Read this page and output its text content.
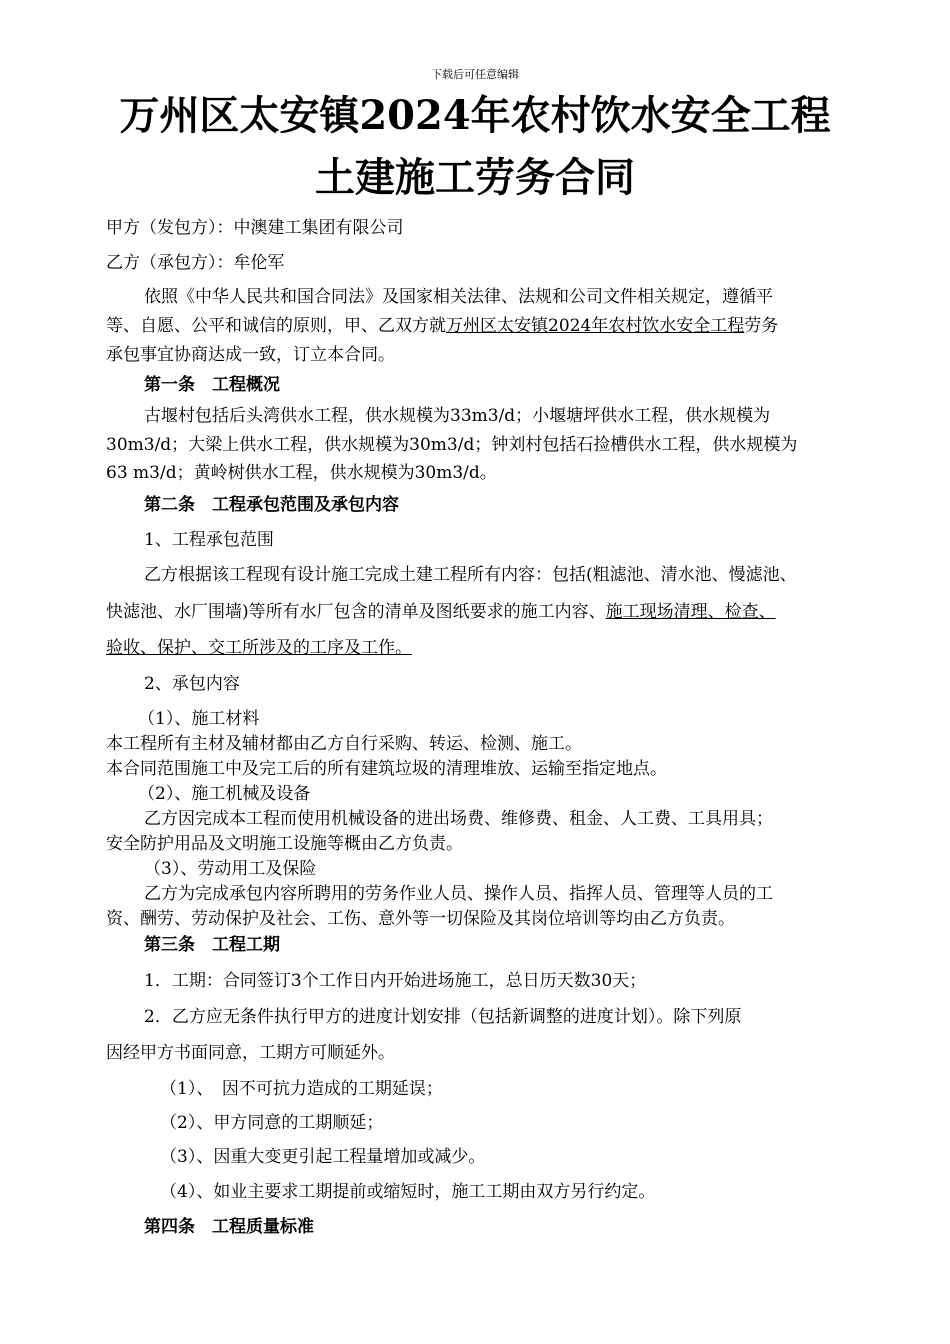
下载后可任意编辑
万州区太安镇2024年农村饮水安全工程
土建施工劳务合同
甲方（发包方）：中澳建工集团有限公司
乙方（承包方）：牟伦军
依照《中华人民共和国合同法》及国家相关法律、法规和公司文件相关规定，遵循平
等、自愿、公平和诚信的原则，甲、乙双方就万州区太安镇2024年农村饮水安全工程劳务
承包事宜协商达成一致，订立本合同。
第一条　工程概况
古堰村包括后头湾供水工程，供水规模为33m3/d；小堰塘坪供水工程，供水规模为
30m3/d；大梁上供水工程，供水规模为30m3/d；钟刘村包括石捡槽供水工程，供水规模为
63 m3/d；黄岭树供水工程，供水规模为30m3/d。
第二条　工程承包范围及承包内容
1、工程承包范围
乙方根据该工程现有设计施工完成土建工程所有内容：包括(粗滤池、清水池、慢滤池、
快滤池、水厂围墙)等所有水厂包含的清单及图纸要求的施工内容、施工现场清理、检查、
验收、保护、交工所涉及的工序及工作。
2、承包内容
（1）、施工材料
本工程所有主材及辅材都由乙方自行采购、转运、检测、施工。
本合同范围施工中及完工后的所有建筑垃圾的清理堆放、运输至指定地点。
（2）、施工机械及设备
乙方因完成本工程而使用机械设备的进出场费、维修费、租金、人工费、工具用具；
安全防护用品及文明施工设施等概由乙方负责。
（3）、劳动用工及保险
乙方为完成承包内容所聘用的劳务作业人员、操作人员、指挥人员、管理等人员的工
资、酬劳、劳动保护及社会、工伤、意外等一切保险及其岗位培训等均由乙方负责。
第三条　工程工期
1．工期：合同签订3个工作日内开始进场施工，总日历天数30天；
2．乙方应无条件执行甲方的进度计划安排（包括新调整的进度计划）。除下列原
因经甲方书面同意，工期方可顺延外。
（1）、　因不可抗力造成的工期延误；
（2）、甲方同意的工期顺延；
（3）、因重大变更引起工程量增加或减少。
（4）、如业主要求工期提前或缩短时，施工工期由双方另行约定。
第四条　工程质量标准
